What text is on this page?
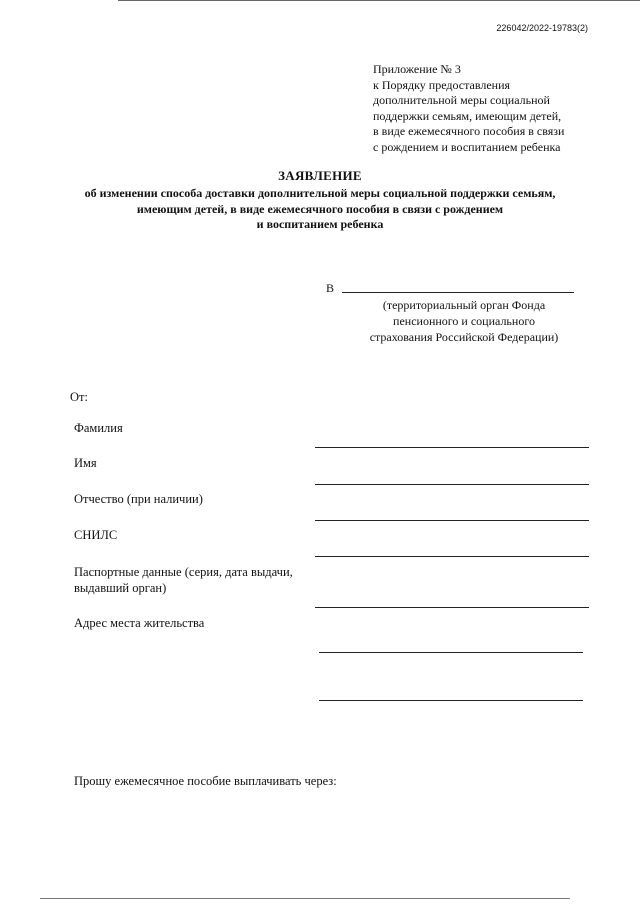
226042/2022-19783(2)
Приложение № 3
к Порядку предоставления
дополнительной меры социальной
поддержки семьям, имеющим детей,
в виде ежемесячного пособия в связи
с рождением и воспитанием ребенка
ЗАЯВЛЕНИЕ
об изменении способа доставки дополнительной меры социальной поддержки семьям,
имеющим детей, в виде ежемесячного пособия в связи с рождением
и воспитанием ребенка
В
(территориальный орган Фонда
пенсионного и социального
страхования Российской Федерации)
От:
Фамилия
Имя
Отчество (при наличии)
СНИЛС
Паспортные данные (серия, дата выдачи,
выдавший орган)
Адрес места жительства
Прошу ежемесячное пособие выплачивать через:
